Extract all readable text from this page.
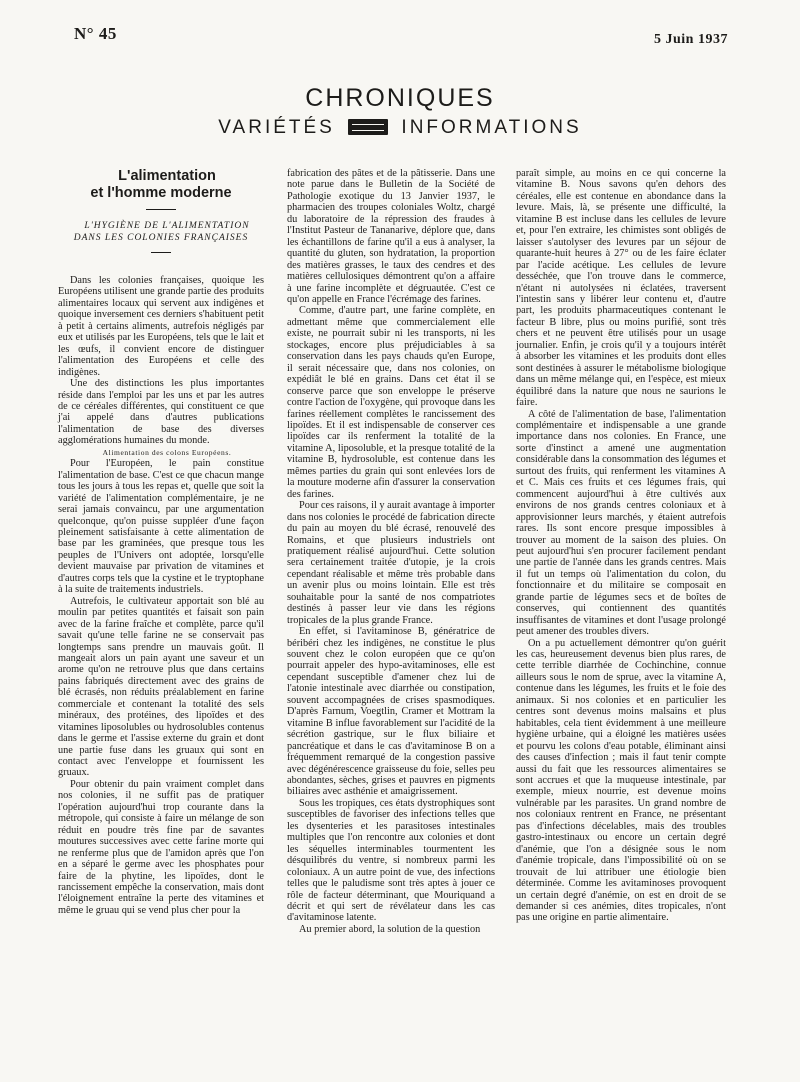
N° 45	5 Juin 1937
CHRONIQUES
VARIÉTÉS	INFORMATIONS

L'alimentation
et l'homme moderne

L'HYGIÈNE DE L'ALIMENTATION
DANS LES COLONIES FRANÇAISES

Dans les colonies françaises, quoique les Européens utilisent une grande partie des produits alimentaires locaux qui servent aux indigènes et quoique inversement ces derniers s'habituent petit à petit à certains aliments, autrefois négligés par eux et utilisés par les Européens, tels que le lait et les œufs, il convient encore de distinguer l'alimentation des Européens et celle des indigènes.

Une des distinctions les plus importantes réside dans l'emploi par les uns et par les autres de ce céréales différentes, qui constituent ce que j'ai appelé dans d'autres publications l'alimentation de base des diverses agglomérations humaines du monde.

Alimentation des colons Européens.

Pour l'Européen, le pain constitue l'alimentation de base. C'est ce que chacun mange tous les jours à tous les repas et, quelle que soit la variété de l'alimentation complémentaire, je ne serai jamais convaincu, par une argumentation quelconque, qu'on puisse suppléer d'une façon pleinement satisfaisante à cette alimentation de base par les graminées, que presque tous les peuples de l'Univers ont adoptée, lorsqu'elle devient mauvaise par privation de vitamines et d'autres corps tels que la cystine et le tryptophane à la suite de traitements industriels.

Autrefois, le cultivateur apportait son blé au moulin par petites quantités et faisait son pain avec de la farine fraîche et complète, parce qu'il savait qu'une telle farine ne se conservait pas longtemps sans prendre un mauvais goût. Il mangeait alors un pain ayant une saveur et un arome qu'on ne retrouve plus que dans certains pains fabriqués directement avec des grains de blé écrasés, non réduits préalablement en farine commerciale et contenant la totalité des sels minéraux, des protéines, des lipoïdes et des vitamines liposolubles ou hydrosolubles contenus dans le germe et l'assise externe du grain et dont une partie fuse dans les gruaux qui sont en contact avec l'enveloppe et fournissent les gruaux.

Pour obtenir du pain vraiment complet dans nos colonies, il ne suffit pas de pratiquer l'opération aujourd'hui trop courante dans la métropole, qui consiste à faire un mélange de son réduit en poudre très fine par de savantes moutures successives avec cette farine morte qui ne renferme plus que de l'amidon après que l'on en a séparé le germe avec les phosphates pour faire de la phytine, les lipoïdes, dont le rancissement empêche la conservation, mais dont l'éloignement entraîne la perte des vitamines et même le gruau qui se vend plus cher pour la

fabrication des pâtes et de la pâtisserie. Dans une note parue dans le Bulletin de la Société de Pathologie exotique du 13 Janvier 1937, le pharmacien des troupes coloniales Woltz, chargé du laboratoire de la répression des fraudes à l'Institut Pasteur de Tananarive, déplore que, dans les échantillons de farine qu'il a eus à analyser, la quantité du gluten, son hydratation, la proportion des matières grasses, le taux des cendres et des matières cellulosiques démontrent qu'on a affaire à une farine incomplète et dégruautée. C'est ce qu'on appelle en France l'écrémage des farines.

Comme, d'autre part, une farine complète, en admettant même que commercialement elle existe, ne pourrait subir ni les transports, ni les stockages, encore plus préjudiciables à sa conservation dans les pays chauds qu'en Europe, il serait nécessaire que, dans nos colonies, on expédiât le blé en grains. Dans cet état il se conserve parce que son enveloppe le préserve contre l'action de l'oxygène, qui provoque dans les farines réellement complètes le rancissement des lipoïdes. Et il est indispensable de conserver ces lipoïdes car ils renferment la totalité de la vitamine A, liposoluble, et la presque totalité de la vitamine B, hydrosoluble, est contenue dans les mêmes parties du grain qui sont enlevées lors de la mouture moderne afin d'assurer la conservation des farines.

Pour ces raisons, il y aurait avantage à importer dans nos colonies le procédé de fabrication directe du pain au moyen du blé écrasé, renouvelé des Romains, et que plusieurs industriels ont pratiquement réalisé aujourd'hui. Cette solution sera certainement traitée d'utopie, je la crois cependant réalisable et même très probable dans un avenir plus ou moins lointain. Elle est très souhaitable pour la santé de nos compatriotes destinés à passer leur vie dans les régions tropicales de la plus grande France.

En effet, si l'avitaminose B, génératrice de béribéri chez les indigènes, ne constitue le plus souvent chez le colon européen que ce qu'on pourrait appeler des hypo-avitaminoses, elle est cependant susceptible d'amener chez lui de l'atonie intestinale avec diarrhée ou constipation, souvent accompagnées de crises spasmodiques. D'après Farnum, Voegtlin, Cramer et Mottram la vitamine B influe favorablement sur l'acidité de la sécrétion gastrique, sur le flux biliaire et pancréatique et dans le cas d'avitaminose B on a fréquemment remarqué de la congestion passive avec dégénérescence graisseuse du foie, selles peu abondantes, sèches, grises et pauvres en pigments biliaires avec asthénie et amaigrissement.

Sous les tropiques, ces états dystrophiques sont susceptibles de favoriser des infections telles que les dysenteries et les parasitoses intestinales multiples que l'on rencontre aux colonies et dont les séquelles interminables tourmentent les désquilibrés du ventre, si nombreux parmi les coloniaux. A un autre point de vue, des infections telles que le paludisme sont très aptes à jouer ce rôle de facteur déterminant, que Mouriquand a décrit et qui sert de révélateur dans les cas d'avitaminose latente.

Au premier abord, la solution de la question

paraît simple, au moins en ce qui concerne la vitamine B. Nous savons qu'en dehors des céréales, elle est contenue en abondance dans la levure. Mais, là, se présente une difficulté, la vitamine B est incluse dans les cellules de levure et, pour l'en extraire, les chimistes sont obligés de laisser s'autolyser des levures par un séjour de quarante-huit heures à 27° ou de les faire éclater par l'acide acétique. Les cellules de levure desséchée, que l'on trouve dans le commerce, n'étant ni autolysées ni éclatées, traversent l'intestin sans y libérer leur contenu et, d'autre part, les produits pharmaceutiques contenant le facteur B libre, plus ou moins purifié, sont très chers et ne peuvent être utilisés pour un usage journalier. Enfin, je crois qu'il y a toujours intérêt à absorber les vitamines et les produits dont elles sont destinées à assurer le métabolisme biologique dans un même mélange qui, en l'espèce, est mieux équilibré dans la nature que nous ne saurions le faire.

A côté de l'alimentation de base, l'alimentation complémentaire et indispensable a une grande importance dans nos colonies. En France, une sorte d'instinct a amené une augmentation considérable dans la consommation des légumes et surtout des fruits, qui renferment les vitamines A et C. Mais ces fruits et ces légumes frais, qui commencent aujourd'hui à être cultivés aux environs de nos grands centres coloniaux et à approvisionner leurs marchés, y étaient autrefois rares. Ils sont encore presque impossibles à trouver au moment de la saison des pluies. On peut aujourd'hui s'en procurer facilement pendant une partie de l'année dans les grands centres. Mais il fut un temps où l'alimentation du colon, du fonctionnaire et du militaire se composait en grande partie de légumes secs et de boîtes de conserves, qui contiennent des quantités insuffisantes de vitamines et dont l'usage prolongé peut amener des troubles divers.

On a pu actuellement démontrer qu'on guérit les cas, heureusement devenus bien plus rares, de cette terrible diarrhée de Cochinchine, connue ailleurs sous le nom de sprue, avec la vitamine A, contenue dans les légumes, les fruits et le foie des animaux. Si nos colonies et en particulier les centres sont devenus moins malsains et plus habitables, cela tient évidemment à une meilleure hygiène urbaine, qui a éloigné les matières usées et pourvu les colons d'eau potable, éliminant ainsi des causes d'infection ; mais il faut tenir compte aussi du fait que les ressources alimentaires se sont accrues et que la muqueuse intestinale, par exemple, mieux nourrie, est devenue moins vulnérable par les parasites. Un grand nombre de nos coloniaux rentrent en France, ne présentant pas d'infections décelables, mais des troubles gastro-intestinaux ou encore un certain degré d'anémie, que l'on a désignée sous le nom d'anémie tropicale, dans l'impossibilité où on se trouvait de lui attribuer une étiologie bien déterminée. Comme les avitaminoses provoquent un certain degré d'anémie, on est en droit de se demander si ces anémies, dites tropicales, n'ont pas une origine en partie alimentaire.
